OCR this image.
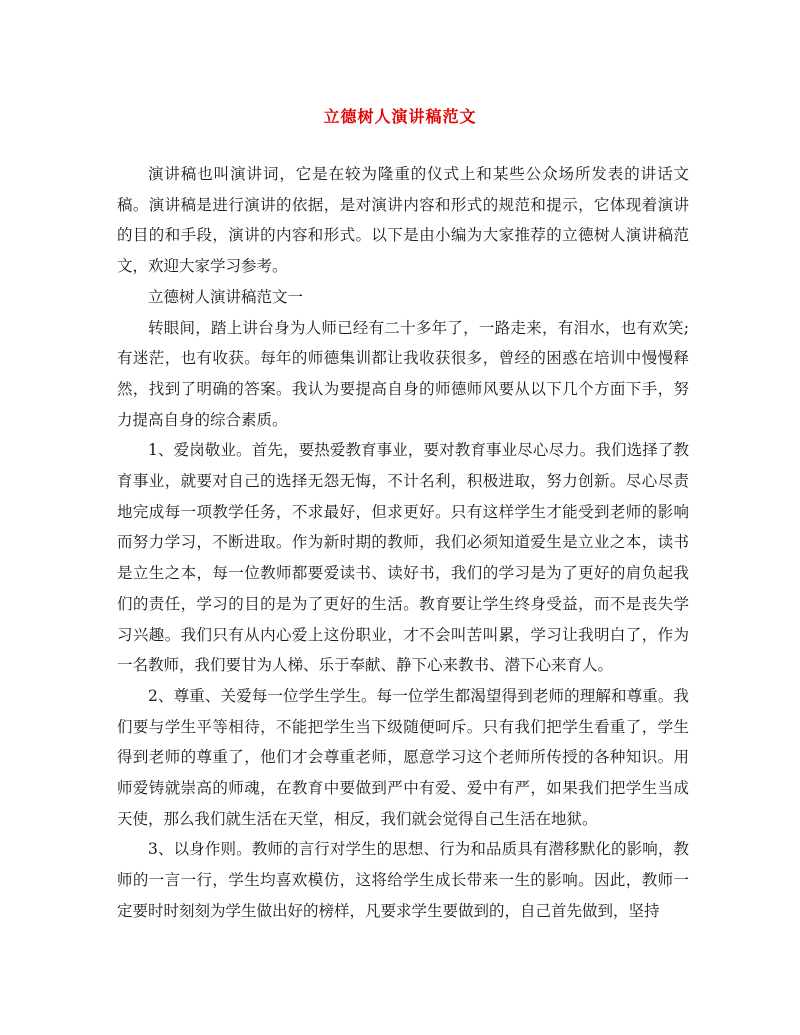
立德树人演讲稿范文

演讲稿也叫演讲词，它是在较为隆重的仪式上和某些公众场所发表的讲话文稿。演讲稿是进行演讲的依据，是对演讲内容和形式的规范和提示，它体现着演讲的目的和手段，演讲的内容和形式。以下是由小编为大家推荐的立德树人演讲稿范文，欢迎大家学习参考。

立德树人演讲稿范文一

转眼间，踏上讲台身为人师已经有二十多年了，一路走来，有泪水，也有欢笑;有迷茫，也有收获。每年的师德集训都让我收获很多，曾经的困惑在培训中慢慢释然，找到了明确的答案。我认为要提高自身的师德师风要从以下几个方面下手，努力提高自身的综合素质。

1、爱岗敬业。首先，要热爱教育事业，要对教育事业尽心尽力。我们选择了教育事业，就要对自己的选择无怨无悔，不计名利，积极进取，努力创新。尽心尽责地完成每一项教学任务，不求最好，但求更好。只有这样学生才能受到老师的影响而努力学习，不断进取。作为新时期的教师，我们必须知道爱生是立业之本，读书是立生之本，每一位教师都要爱读书、读好书，我们的学习是为了更好的肩负起我们的责任，学习的目的是为了更好的生活。教育要让学生终身受益，而不是丧失学习兴趣。我们只有从内心爱上这份职业，才不会叫苦叫累，学习让我明白了，作为一名教师，我们要甘为人梯、乐于奉献、静下心来教书、潜下心来育人。

2、尊重、关爱每一位学生学生。每一位学生都渴望得到老师的理解和尊重。我们要与学生平等相待，不能把学生当下级随便呵斥。只有我们把学生看重了，学生得到老师的尊重了，他们才会尊重老师，愿意学习这个老师所传授的各种知识。用师爱铸就崇高的师魂，在教育中要做到严中有爱、爱中有严，如果我们把学生当成天使，那么我们就生活在天堂，相反，我们就会觉得自己生活在地狱。

3、以身作则。教师的言行对学生的思想、行为和品质具有潜移默化的影响，教师的一言一行，学生均喜欢模仿，这将给学生成长带来一生的影响。因此，教师一定要时时刻刻为学生做出好的榜样，凡要求学生要做到的，自己首先做到，坚持
